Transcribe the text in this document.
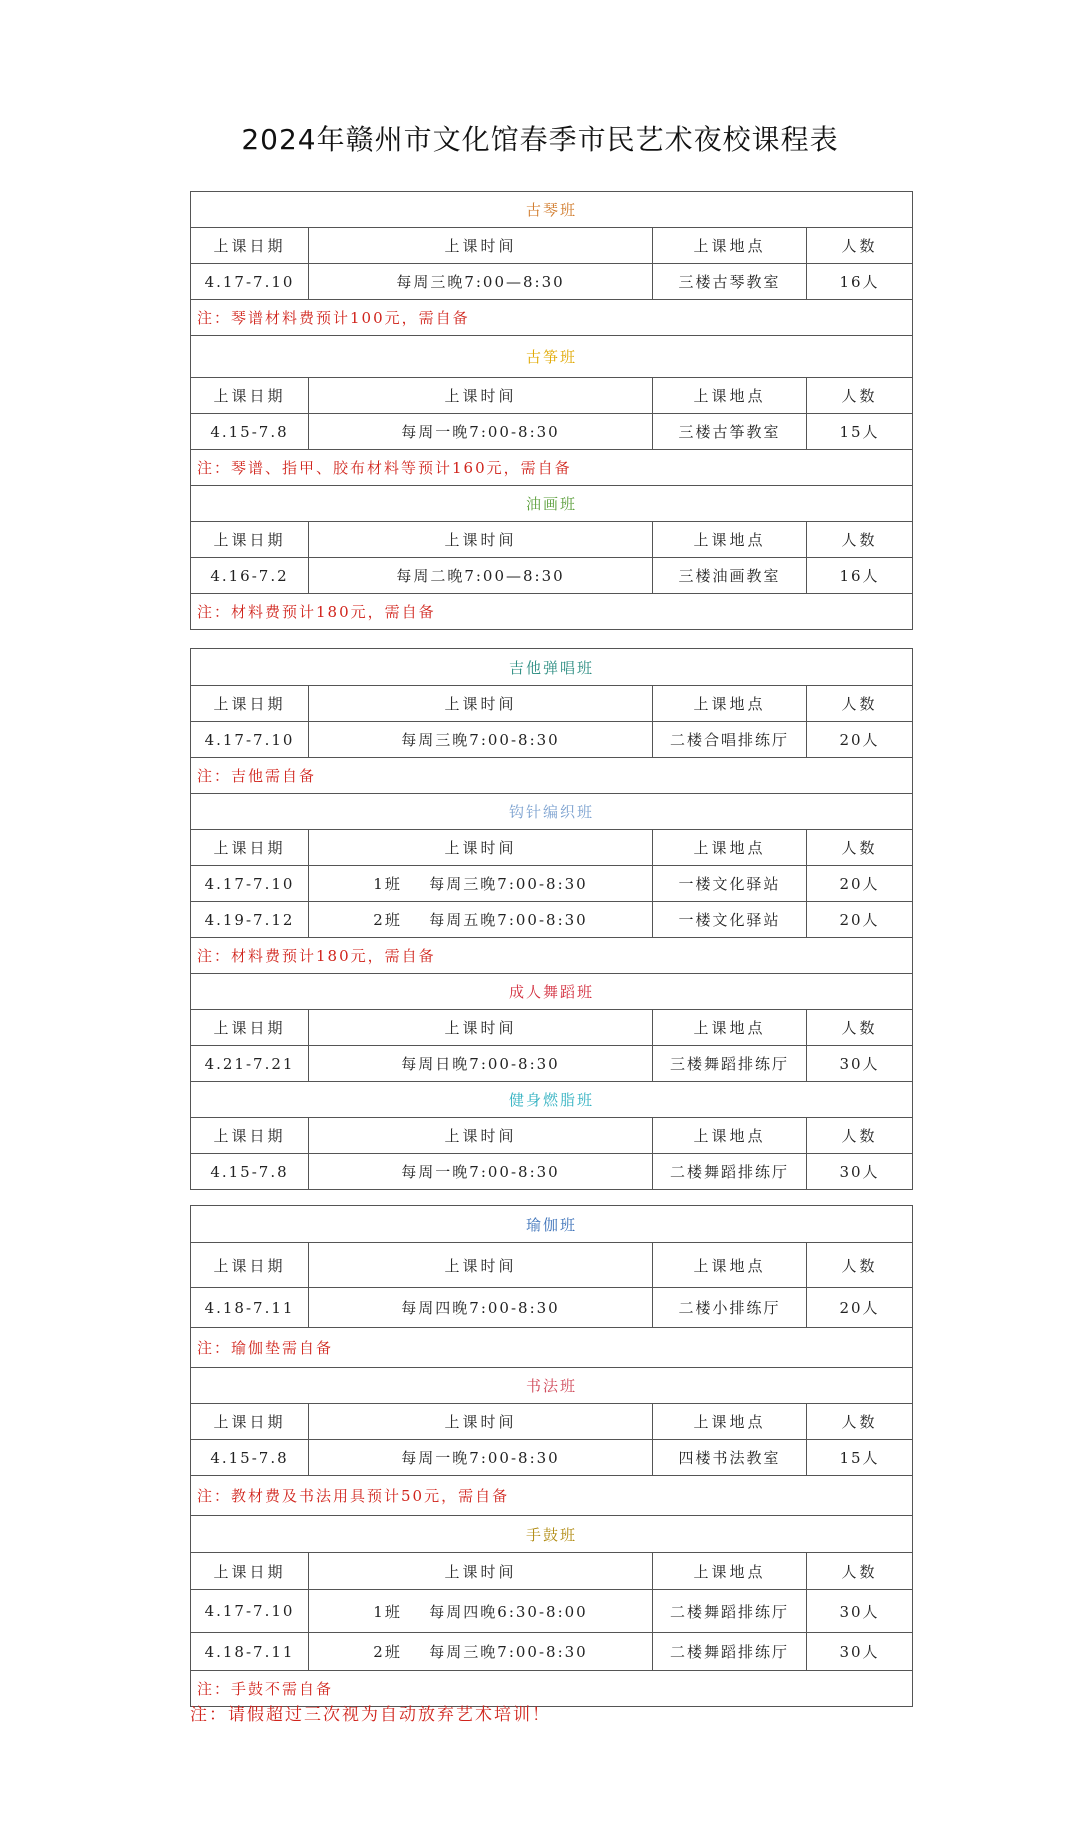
2024年赣州市文化馆春季市民艺术夜校课程表
古琴班
上课日期	上课时间	上课地点	人数
4.17-7.10	每周三晚7:00—8:30	三楼古琴教室	16人
注：琴谱材料费预计100元，需自备
古筝班
上课日期	上课时间	上课地点	人数
4.15-7.8	每周一晚7:00-8:30	三楼古筝教室	15人
注：琴谱、指甲、胶布材料等预计160元，需自备
油画班
上课日期	上课时间	上课地点	人数
4.16-7.2	每周二晚7:00—8:30	三楼油画教室	16人
注：材料费预计180元，需自备
吉他弹唱班
上课日期	上课时间	上课地点	人数
4.17-7.10	每周三晚7:00-8:30	二楼合唱排练厅	20人
注：吉他需自备
钩针编织班
上课日期	上课时间	上课地点	人数
4.17-7.10	1班	每周三晚7:00-8:30	一楼文化驿站	20人
4.19-7.12	2班	每周五晚7:00-8:30	一楼文化驿站	20人
注：材料费预计180元，需自备
成人舞蹈班
上课日期	上课时间	上课地点	人数
4.21-7.21	每周日晚7:00-8:30	三楼舞蹈排练厅	30人
健身燃脂班
上课日期	上课时间	上课地点	人数
4.15-7.8	每周一晚7:00-8:30	二楼舞蹈排练厅	30人
瑜伽班
上课日期	上课时间	上课地点	人数
4.18-7.11	每周四晚7:00-8:30	二楼小排练厅	20人
注：瑜伽垫需自备
书法班
上课日期	上课时间	上课地点	人数
4.15-7.8	每周一晚7:00-8:30	四楼书法教室	15人
注：教材费及书法用具预计50元，需自备
手鼓班
上课日期	上课时间	上课地点	人数
4.17-7.10	1班	每周四晚6:30-8:00	二楼舞蹈排练厅	30人
4.18-7.11	2班	每周三晚7:00-8:30	二楼舞蹈排练厅	30人
注：手鼓不需自备
注：请假超过三次视为自动放弃艺术培训！
